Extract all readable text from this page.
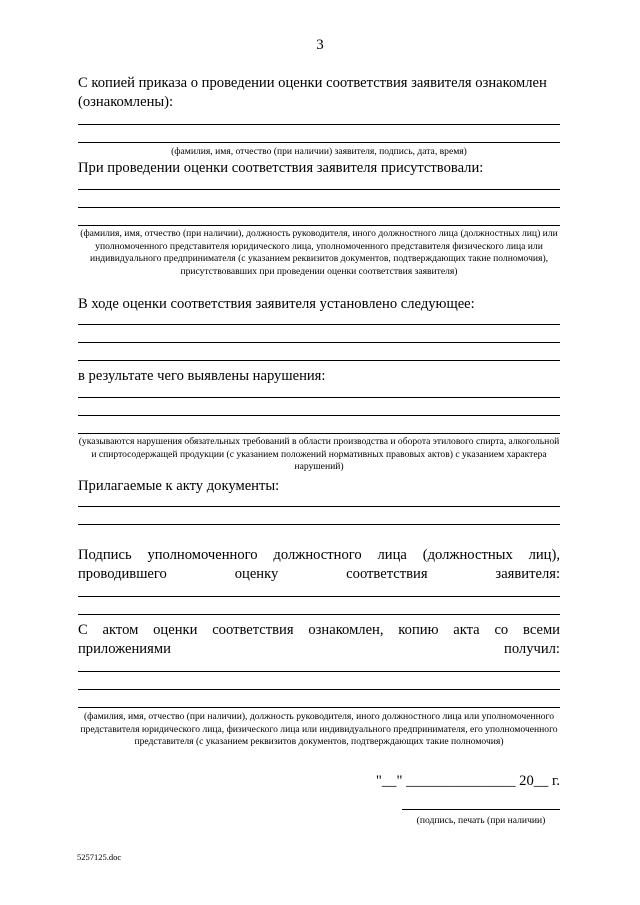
3
С копией приказа о проведении оценки соответствия заявителя ознакомлен (ознакомлены):
(фамилия, имя, отчество (при наличии) заявителя, подпись, дата, время)
При проведении оценки соответствия заявителя присутствовали:
(фамилия, имя, отчество (при наличии), должность руководителя, иного должностного лица (должностных лиц) или уполномоченного представителя юридического лица, уполномоченного представителя физического лица или индивидуального предпринимателя (с указанием реквизитов документов, подтверждающих такие полномочия), присутствовавших при проведении оценки соответствия заявителя)
В ходе оценки соответствия заявителя установлено следующее:
в результате чего выявлены нарушения:
(указываются нарушения обязательных требований в области производства и оборота этилового спирта, алкогольной и спиртосодержащей продукции (с указанием положений нормативных правовых актов) с указанием характера нарушений)
Прилагаемые к акту документы:
Подпись уполномоченного должностного лица (должностных лиц), проводившего оценку соответствия заявителя:
С актом оценки соответствия ознакомлен, копию акта со всеми приложениями получил:
(фамилия, имя, отчество (при наличии), должность руководителя, иного должностного лица или уполномоченного представителя юридического лица, физического лица или индивидуального предпринимателя, его уполномоченного представителя (с указанием реквизитов документов, подтверждающих такие полномочия)
"__" _______________ 20__ г.
(подпись, печать (при наличии)
5257125.doc
